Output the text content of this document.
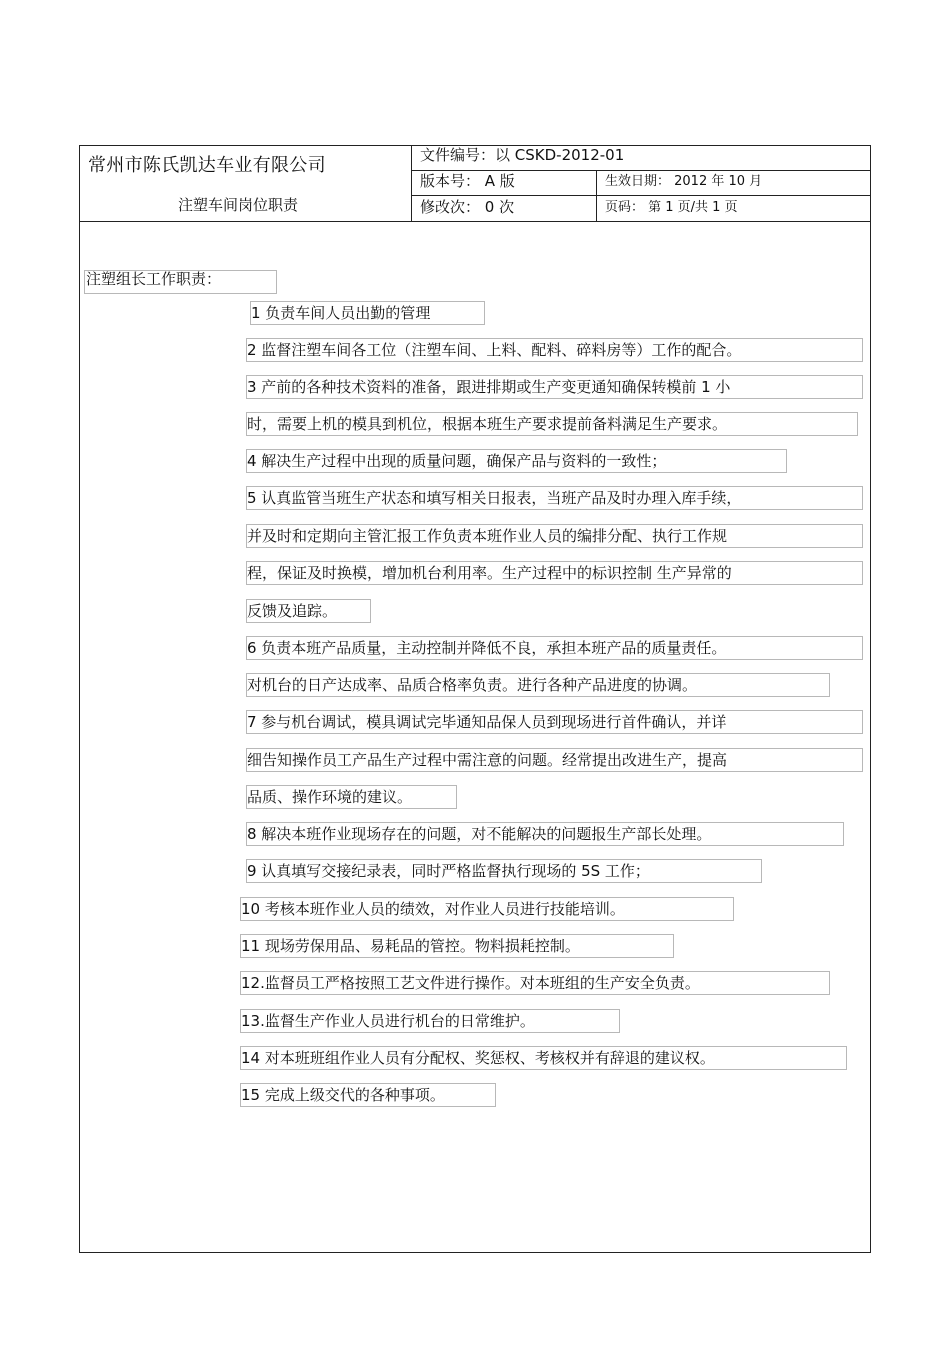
常州市陈氏凯达车业有限公司
注塑车间岗位职责
文件编号：以 CSKD-2012-01
版本号： A 版	生效日期： 2012 年 10 月
修改次： 0 次	页码： 第 1 页/共 1 页
注塑组长工作职责：
1 负责车间人员出勤的管理
2 监督注塑车间各工位（注塑车间、上料、配料、碎料房等）工作的配合。
3 产前的各种技术资料的准备，跟进排期或生产变更通知确保转模前 1 小
时，需要上机的模具到机位，根据本班生产要求提前备料满足生产要求。
4 解决生产过程中出现的质量问题，确保产品与资料的一致性；
5 认真监管当班生产状态和填写相关日报表，当班产品及时办理入库手续，
并及时和定期向主管汇报工作负责本班作业人员的编排分配、执行工作规
程，保证及时换模，增加机台利用率。生产过程中的标识控制 生产异常的
反馈及追踪。
6 负责本班产品质量，主动控制并降低不良，承担本班产品的质量责任。
对机台的日产达成率、品质合格率负责。进行各种产品进度的协调。
7 参与机台调试，模具调试完毕通知品保人员到现场进行首件确认，并详
细告知操作员工产品生产过程中需注意的问题。经常提出改进生产，提高
品质、操作环境的建议。
8 解决本班作业现场存在的问题，对不能解决的问题报生产部长处理。
9 认真填写交接纪录表，同时严格监督执行现场的 5S 工作；
10 考核本班作业人员的绩效，对作业人员进行技能培训。
11 现场劳保用品、易耗品的管控。物料损耗控制。
12.监督员工严格按照工艺文件进行操作。对本班组的生产安全负责。
13.监督生产作业人员进行机台的日常维护。
14 对本班班组作业人员有分配权、奖惩权、考核权并有辞退的建议权。
15 完成上级交代的各种事项。
